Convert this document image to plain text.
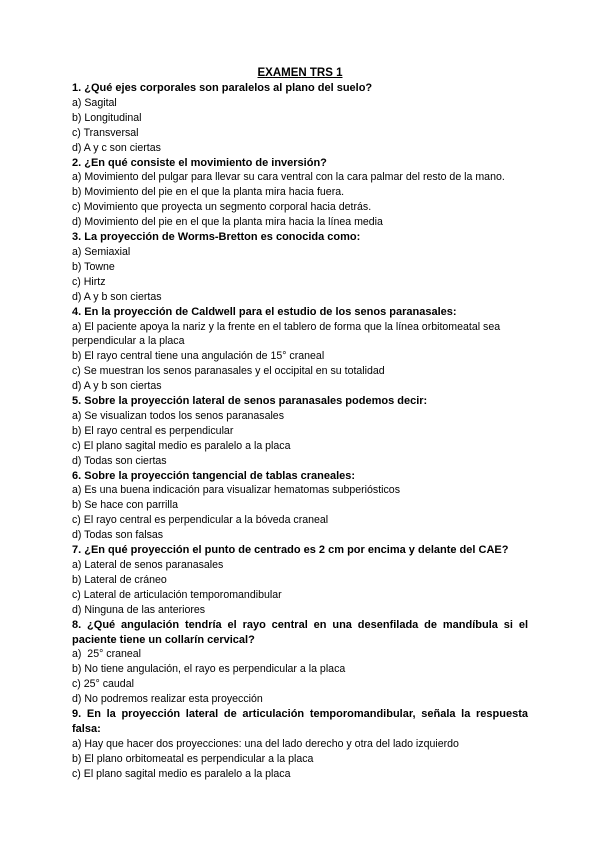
EXAMEN TRS 1

1. ¿Qué ejes corporales son paralelos al plano del suelo?

a) Sagital

b) Longitudinal

c) Transversal

d) A y c son ciertas

2. ¿En qué consiste el movimiento de inversión?

a) Movimiento del pulgar para llevar su cara ventral con la cara palmar del resto de la mano.

b) Movimiento del pie en el que la planta mira hacia fuera.

c) Movimiento que proyecta un segmento corporal hacia detrás.

d) Movimiento del pie en el que la planta mira hacia la línea media

3. La proyección de Worms-Bretton es conocida como:

a) Semiaxial

b) Towne

c) Hirtz

d) A y b son ciertas

4. En la proyección de Caldwell para el estudio de los senos paranasales:

a) El paciente apoya la nariz y la frente en el tablero de forma que la línea orbitomeatal sea perpendicular a la placa

b) El rayo central tiene una angulación de 15° craneal

c) Se muestran los senos paranasales y el occipital en su totalidad

d) A y b son ciertas

5. Sobre la proyección lateral de senos paranasales podemos decir:

a) Se visualizan todos los senos paranasales

b) El rayo central es perpendicular

c) El plano sagital medio es paralelo a la placa

d) Todas son ciertas

6. Sobre la proyección tangencial de tablas craneales:

a) Es una buena indicación para visualizar hematomas subperiósticos

b) Se hace con parrilla

c) El rayo central es perpendicular a la bóveda craneal

d) Todas son falsas

7. ¿En qué proyección el punto de centrado es 2 cm por encima y delante del CAE?

a) Lateral de senos paranasales

b) Lateral de cráneo

c) Lateral de articulación temporomandibular

d) Ninguna de las anteriores

8. ¿Qué angulación tendría el rayo central en una desenfilada de mandíbula si el paciente tiene un collarín cervical?

a)  25° craneal

b) No tiene angulación, el rayo es perpendicular a la placa

c) 25° caudal

d) No podremos realizar esta proyección

9. En la proyección lateral de articulación temporomandibular, señala la respuesta falsa:

a) Hay que hacer dos proyecciones: una del lado derecho y otra del lado izquierdo

b) El plano orbitomeatal es perpendicular a la placa

c) El plano sagital medio es paralelo a la placa
